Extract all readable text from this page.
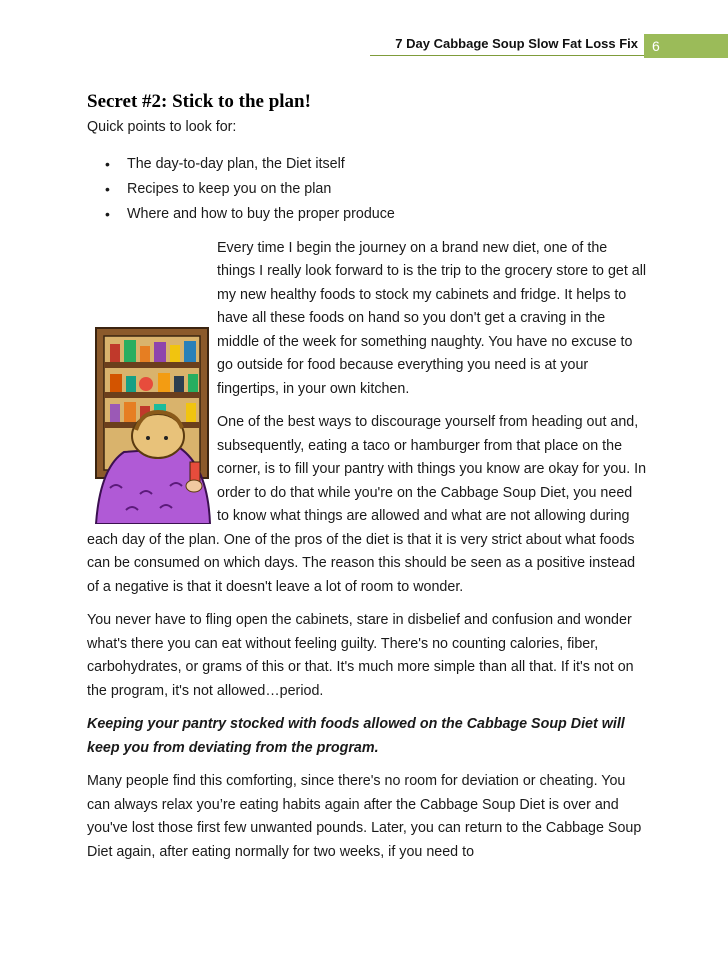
7 Day Cabbage Soup Slow Fat Loss Fix	6
Secret #2: Stick to the plan!

Quick points to look for:

• The day-to-day plan, the Diet itself
• Recipes to keep you on the plan
• Where and how to buy the proper produce

Every time I begin the journey on a brand new diet, one of the things I really look forward to is the trip to the grocery store to get all my new healthy foods to stock my cabinets and fridge. It helps to have all these foods on hand so you don't get a craving in the middle of the week for something naughty. You have no excuse to go outside for food because everything you need is at your fingertips, in your own kitchen.

One of the best ways to discourage yourself from heading out and, subsequently, eating a taco or hamburger from that place on the corner, is to fill your pantry with things you know are okay for you. In order to do that while you're on the Cabbage Soup Diet, you need to know what things are allowed and what are not allowing during each day of the plan. One of the pros of the diet is that it is very strict about what foods can be consumed on which days. The reason this should be seen as a positive instead of a negative is that it doesn't leave a lot of room to wonder.

You never have to fling open the cabinets, stare in disbelief and confusion and wonder what's there you can eat without feeling guilty. There's no counting calories, fiber, carbohydrates, or grams of this or that. It's much more simple than all that. If it's not on the program, it's not allowed…period.

Keeping your pantry stocked with foods allowed on the Cabbage Soup Diet will keep you from deviating from the program.

Many people find this comforting, since there's no room for deviation or cheating. You can always relax you’re eating habits again after the Cabbage Soup Diet is over and you've lost those first few unwanted pounds. Later, you can return to the Cabbage Soup Diet again, after eating normally for two weeks, if you need to
